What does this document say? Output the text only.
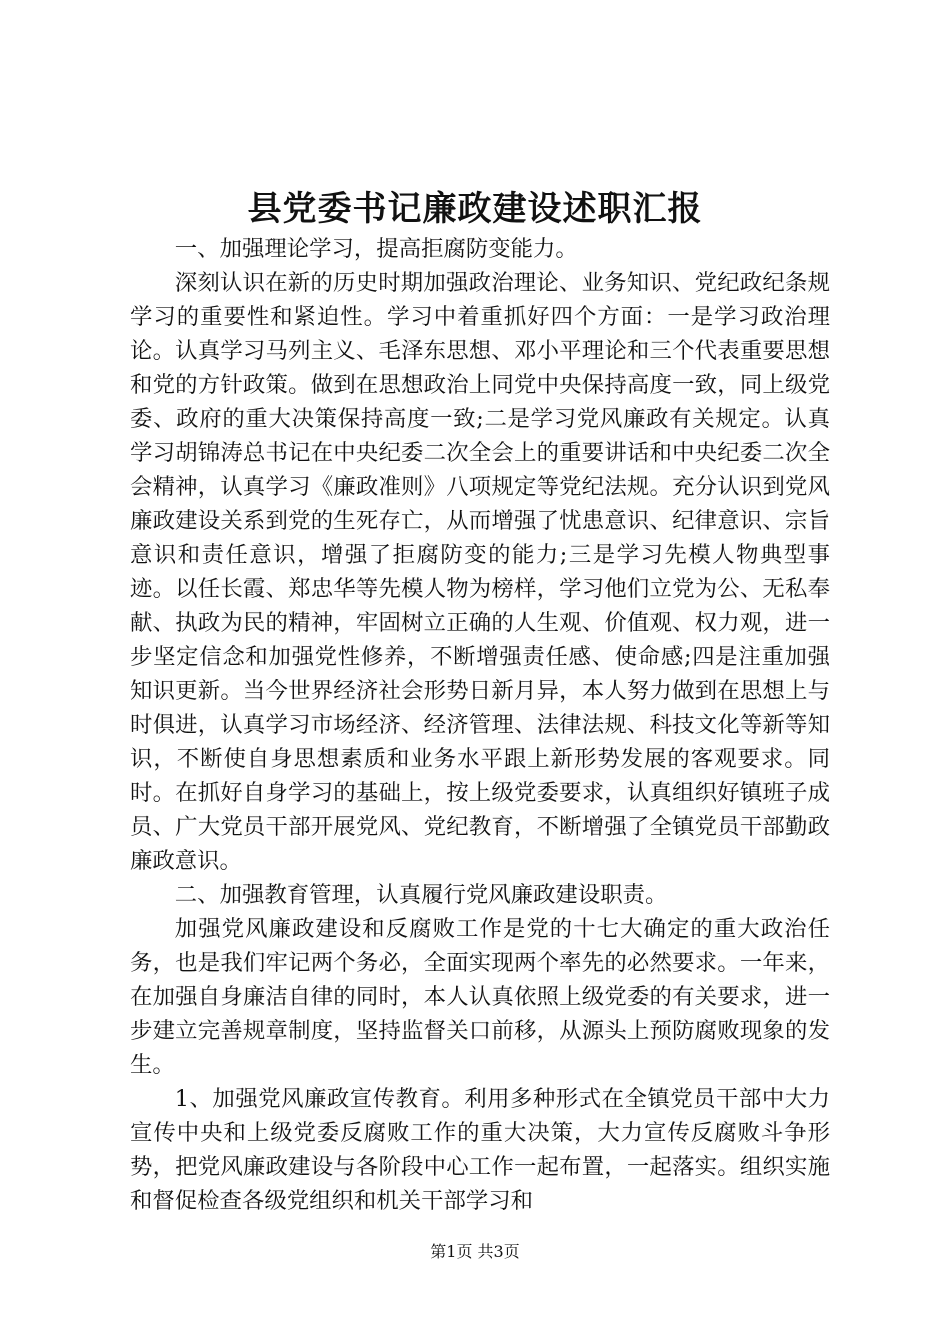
县党委书记廉政建设述职汇报

一、加强理论学习，提高拒腐防变能力。

深刻认识在新的历史时期加强政治理论、业务知识、党纪政纪条规学习的重要性和紧迫性。学习中着重抓好四个方面：一是学习政治理论。认真学习马列主义、毛泽东思想、邓小平理论和三个代表重要思想和党的方针政策。做到在思想政治上同党中央保持高度一致，同上级党委、政府的重大决策保持高度一致;二是学习党风廉政有关规定。认真学习胡锦涛总书记在中央纪委二次全会上的重要讲话和中央纪委二次全会精神，认真学习《廉政准则》八项规定等党纪法规。充分认识到党风廉政建设关系到党的生死存亡，从而增强了忧患意识、纪律意识、宗旨意识和责任意识，增强了拒腐防变的能力;三是学习先模人物典型事迹。以任长霞、郑忠华等先模人物为榜样，学习他们立党为公、无私奉献、执政为民的精神，牢固树立正确的人生观、价值观、权力观，进一步坚定信念和加强党性修养，不断增强责任感、使命感;四是注重加强知识更新。当今世界经济社会形势日新月异，本人努力做到在思想上与时俱进，认真学习市场经济、经济管理、法律法规、科技文化等新等知识，不断使自身思想素质和业务水平跟上新形势发展的客观要求。同时。在抓好自身学习的基础上，按上级党委要求，认真组织好镇班子成员、广大党员干部开展党风、党纪教育，不断增强了全镇党员干部勤政廉政意识。

二、加强教育管理，认真履行党风廉政建设职责。

加强党风廉政建设和反腐败工作是党的十七大确定的重大政治任务，也是我们牢记两个务必，全面实现两个率先的必然要求。一年来，在加强自身廉洁自律的同时，本人认真依照上级党委的有关要求，进一步建立完善规章制度，坚持监督关口前移，从源头上预防腐败现象的发生。

1、加强党风廉政宣传教育。利用多种形式在全镇党员干部中大力宣传中央和上级党委反腐败工作的重大决策，大力宣传反腐败斗争形势，把党风廉政建设与各阶段中心工作一起布置，一起落实。组织实施和督促检查各级党组织和机关干部学习和

第1页 共3页
